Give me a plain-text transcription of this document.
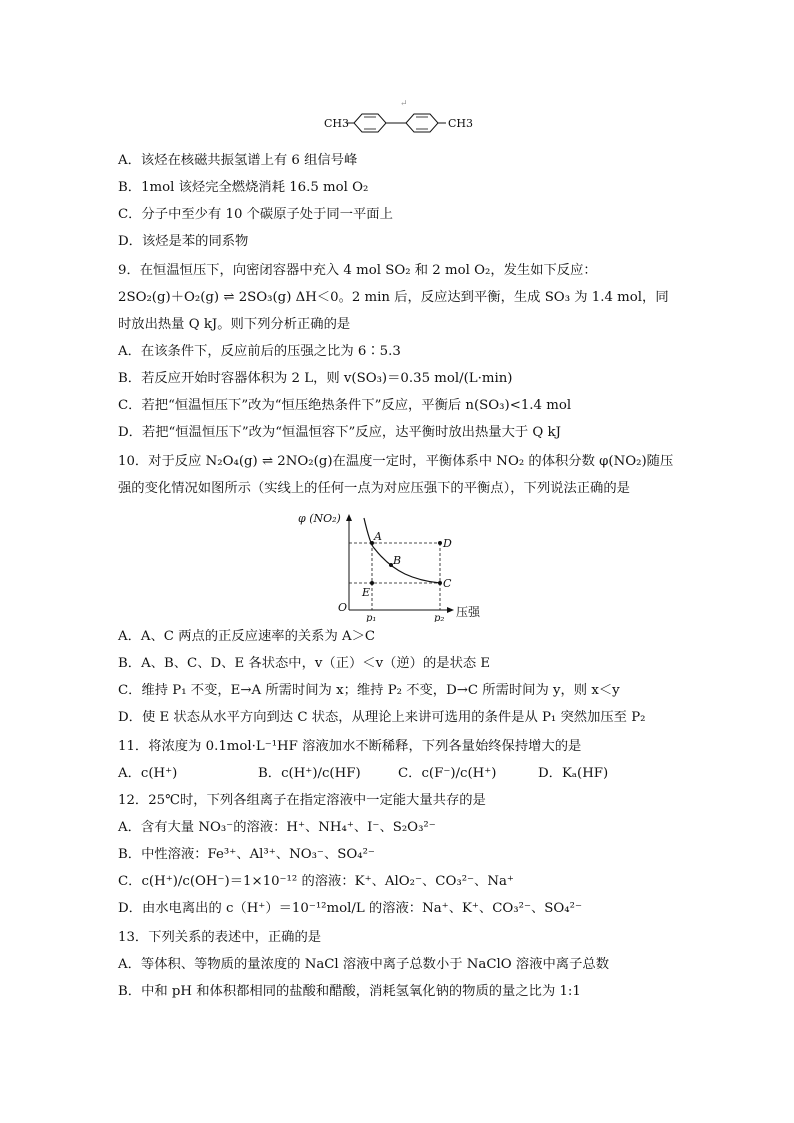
↵
CH3	CH3
A．该烃在核磁共振氢谱上有 6 组信号峰
B．1mol 该烃完全燃烧消耗 16.5 mol O₂
C．分子中至少有 10 个碳原子处于同一平面上
D．该烃是苯的同系物
9．在恒温恒压下，向密闭容器中充入 4 mol SO₂ 和 2 mol O₂，发生如下反应：
2SO₂(g)＋O₂(g) ⇌ 2SO₃(g) ΔH＜0。2 min 后，反应达到平衡，生成 SO₃ 为 1.4 mol，同
时放出热量 Q kJ。则下列分析正确的是
A．在该条件下，反应前后的压强之比为 6∶5.3
B．若反应开始时容器体积为 2 L，则 v(SO₃)＝0.35 mol/(L·min)
C．若把“恒温恒压下”改为“恒压绝热条件下”反应，平衡后 n(SO₃)<1.4 mol
D．若把“恒温恒压下”改为“恒温恒容下”反应，达平衡时放出热量大于 Q kJ
10．对于反应 N₂O₄(g) ⇌ 2NO₂(g)在温度一定时，平衡体系中 NO₂ 的体积分数 φ(NO₂)随压
强的变化情况如图所示（实线上的任何一点为对应压强下的平衡点），下列说法正确的是
φ (NO₂)
压强
O
A
B
C
D
E
p₁	p₂
A．A、C 两点的正反应速率的关系为 A＞C
B．A、B、C、D、E 各状态中，v（正）＜v（逆）的是状态 E
C．维持 P₁ 不变，E→A 所需时间为 x；维持 P₂ 不变，D→C 所需时间为 y，则 x＜y
D．使 E 状态从水平方向到达 C 状态，从理论上来讲可选用的条件是从 P₁ 突然加压至 P₂
11．将浓度为 0.1mol·L⁻¹HF 溶液加水不断稀释，下列各量始终保持增大的是
A．c(H⁺)	B．c(H⁺)/c(HF)	C．c(F⁻)/c(H⁺)	D．Kₐ(HF)
12．25℃时，下列各组离子在指定溶液中一定能大量共存的是
A．含有大量 NO₃⁻的溶液：H⁺、NH₄⁺、I⁻、S₂O₃²⁻
B．中性溶液：Fe³⁺、Al³⁺、NO₃⁻、SO₄²⁻
C．c(H⁺)/c(OH⁻)＝1×10⁻¹² 的溶液：K⁺、AlO₂⁻、CO₃²⁻、Na⁺
D．由水电离出的 c（H⁺）＝10⁻¹²mol/L 的溶液：Na⁺、K⁺、CO₃²⁻、SO₄²⁻
13．下列关系的表述中，正确的是
A．等体积、等物质的量浓度的 NaCl 溶液中离子总数小于 NaClO 溶液中离子总数
B．中和 pH 和体积都相同的盐酸和醋酸，消耗氢氧化钠的物质的量之比为 1:1
